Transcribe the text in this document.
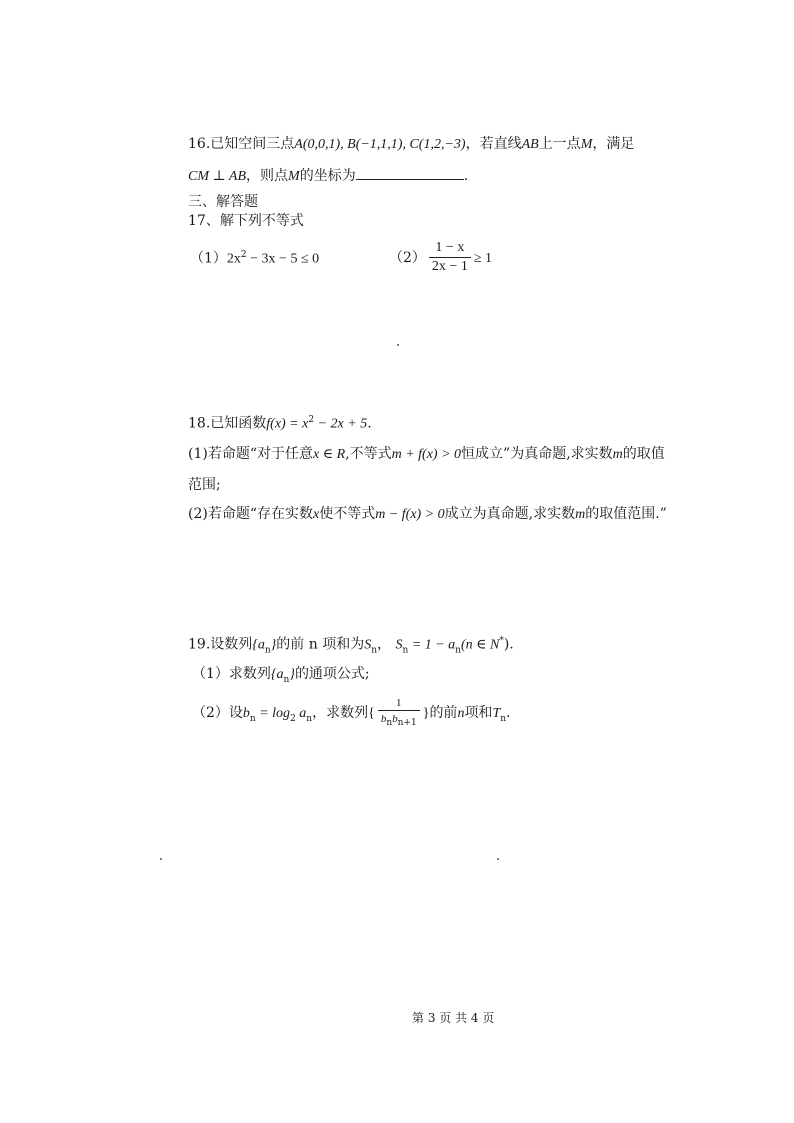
16.已知空间三点A(0,0,1), B(−1,1,1), C(1,2,−3)，若直线AB上一点M，满足
CM ⊥ AB，则点M的坐标为	.
三、解答题
17、解下列不等式
$(1)2x^2 - 3x - 5 \le 0$	$(2) \frac{1 - x}{2x - 1} \ge 1$
18.已知函数$f(x) = x^2 - 2x + 5$.
(1)若命题“对于任意x ∈ R,不等式m + f(x) > 0恒成立”为真命题,求实数m的取值
范围;
(2)若命题“存在实数x使不等式m − f(x) > 0成立为真命题,求实数m的取值范围.”
19.设数列$\{a_n\}$的前 n 项和为$S_n$， $S_n = 1 - a_n(n$ ∈ N*).
（1）求数列$\{a_n\}$的通项公式;
（2）设$b_n = \log_2 a_n$，求数列{ $\frac{1}{b_nb_{n+1}}$ }的前n项和$T_n$.
第 3 页 共 4 页
